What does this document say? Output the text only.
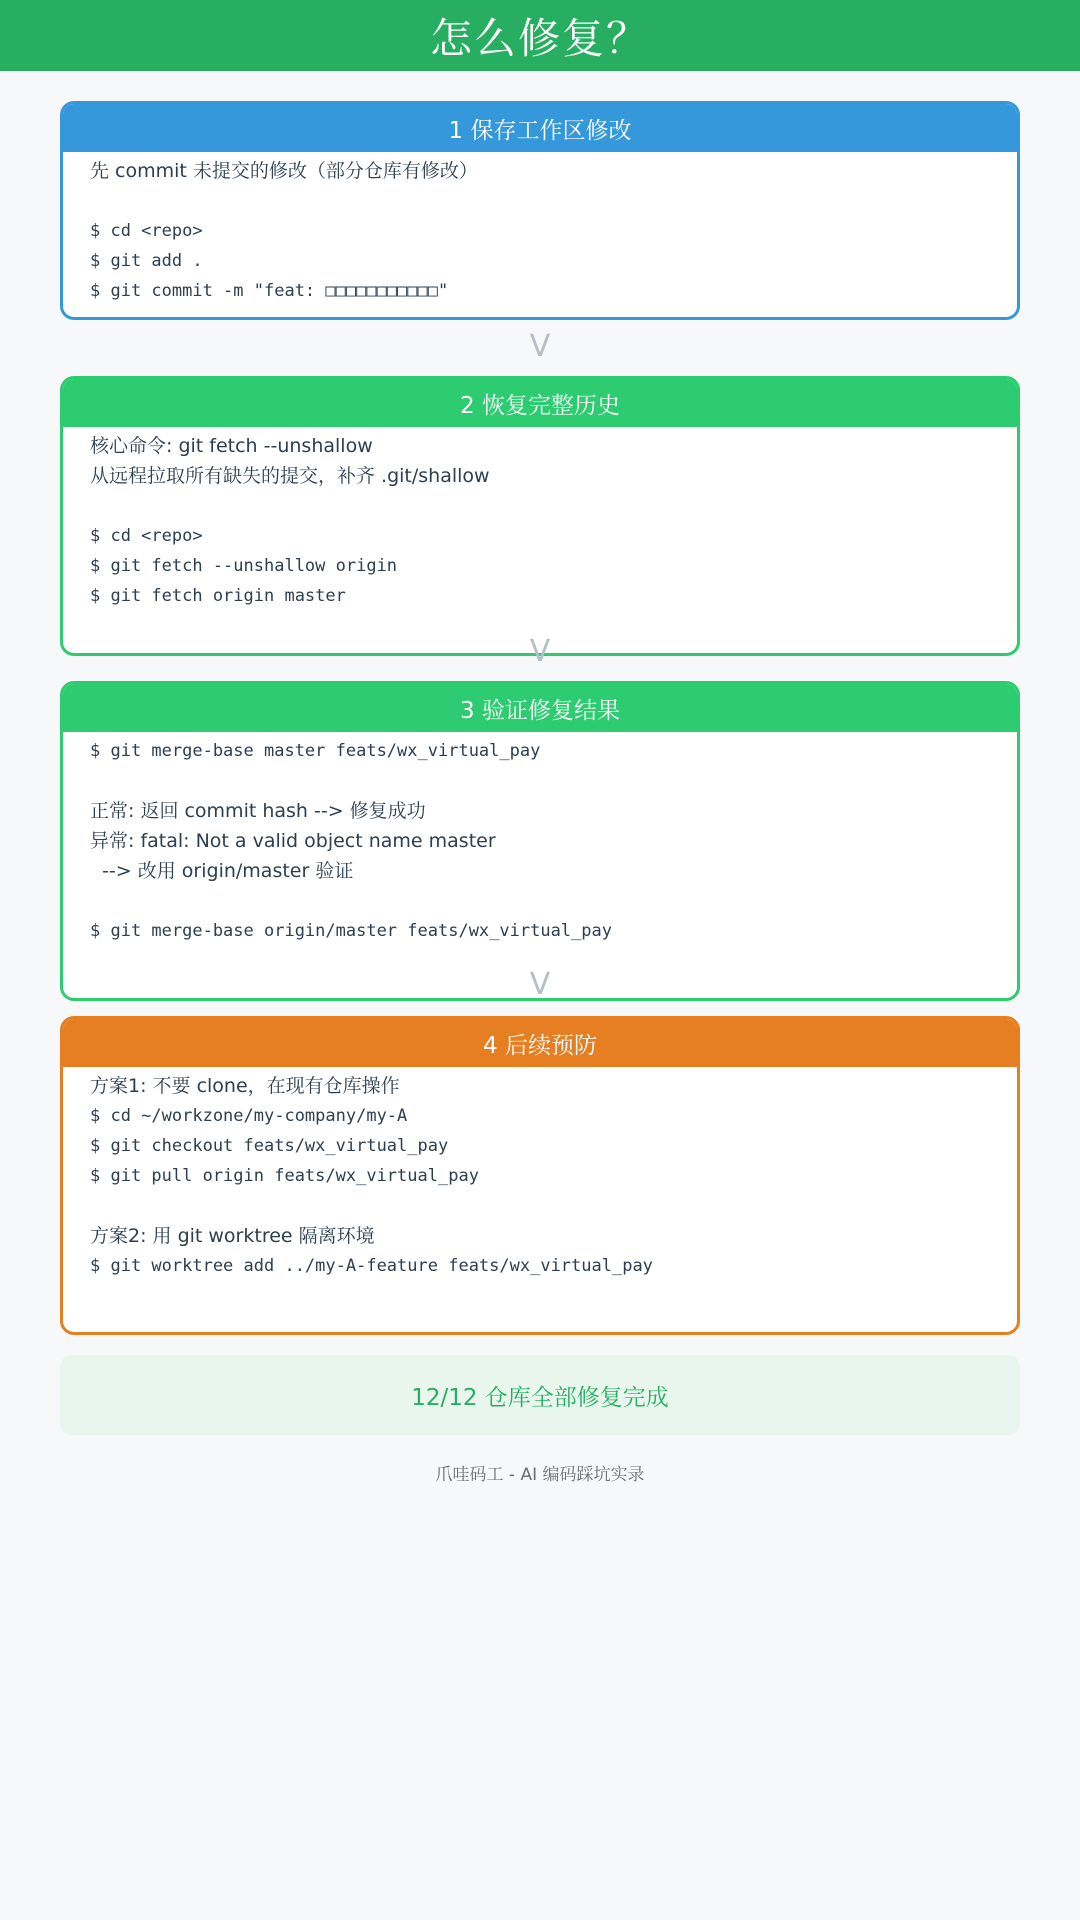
怎么修复？
1 保存工作区修改
先 commit 未提交的修改（部分仓库有修改）
$ cd <repo>
$ git add .
$ git commit -m "feat: □□□□□□□□□□□"
V
2 恢复完整历史
核心命令: git fetch --unshallow
从远程拉取所有缺失的提交，补齐 .git/shallow
$ cd <repo>
$ git fetch --unshallow origin
$ git fetch origin master
V
3 验证修复结果
$ git merge-base master feats/wx_virtual_pay
正常: 返回 commit hash --> 修复成功
异常: fatal: Not a valid object name master
--> 改用 origin/master 验证
$ git merge-base origin/master feats/wx_virtual_pay
V
4 后续预防
方案1: 不要 clone，在现有仓库操作
$ cd ~/workzone/my-company/my-A
$ git checkout feats/wx_virtual_pay
$ git pull origin feats/wx_virtual_pay
方案2: 用 git worktree 隔离环境
$ git worktree add ../my-A-feature feats/wx_virtual_pay
12/12 仓库全部修复完成
爪哇码工 - AI 编码踩坑实录
